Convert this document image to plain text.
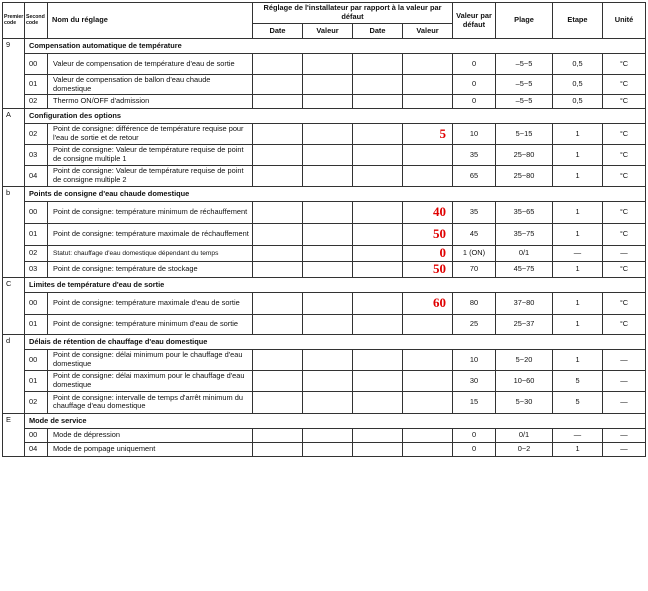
Premier code	Second code	Nom du réglage	Réglage de l'installateur par rapport à la valeur par défaut				Valeur par défaut	Plage	Etape	Unité
			Date	Valeur	Date	Valeur				
9	Compensation automatique de température									
	00	Valeur de compensation de température d'eau de sortie					0	–5~5	0,5	°C
	01	Valeur de compensation de ballon d'eau chaude domestique					0	–5~5	0,5	°C
	02	Thermo ON/OFF d'admission					0	–5~5	0,5	°C
A	Configuration des options									
	02	Point de consigne: différence de température requise pour l'eau de sortie et de retour				5	10	5~15	1	°C
	03	Point de consigne: Valeur de température requise de point de consigne multiple 1					35	25~80	1	°C
	04	Point de consigne: Valeur de température requise de point de consigne multiple 2					65	25~80	1	°C
b	Points de consigne d'eau chaude domestique									
	00	Point de consigne: température minimum de réchauffement				40	35	35~65	1	°C
	01	Point de consigne: température maximale de réchauffement				50	45	35~75	1	°C
	02	Statut: chauffage d'eau domestique dépendant du temps				0	1 (ON)	0/1	—	—
	03	Point de consigne: température de stockage				50	70	45~75	1	°C
C	Limites de température d'eau de sortie									
	00	Point de consigne: température maximale d'eau de sortie				60	80	37~80	1	°C
	01	Point de consigne: température minimum d'eau de sortie					25	25~37	1	°C
d	Délais de rétention de chauffage d'eau domestique									
	00	Point de consigne: délai minimum pour le chauffage d'eau domestique					10	5~20	1	—
	01	Point de consigne: délai maximum pour le chauffage d'eau domestique					30	10~60	5	—
	02	Point de consigne: intervalle de temps d'arrêt minimum du chauffage d'eau domestique					15	5~30	5	—
E	Mode de service									
	00	Mode de dépression					0	0/1	—	—
	04	Mode de pompage uniquement					0	0~2	1	—
